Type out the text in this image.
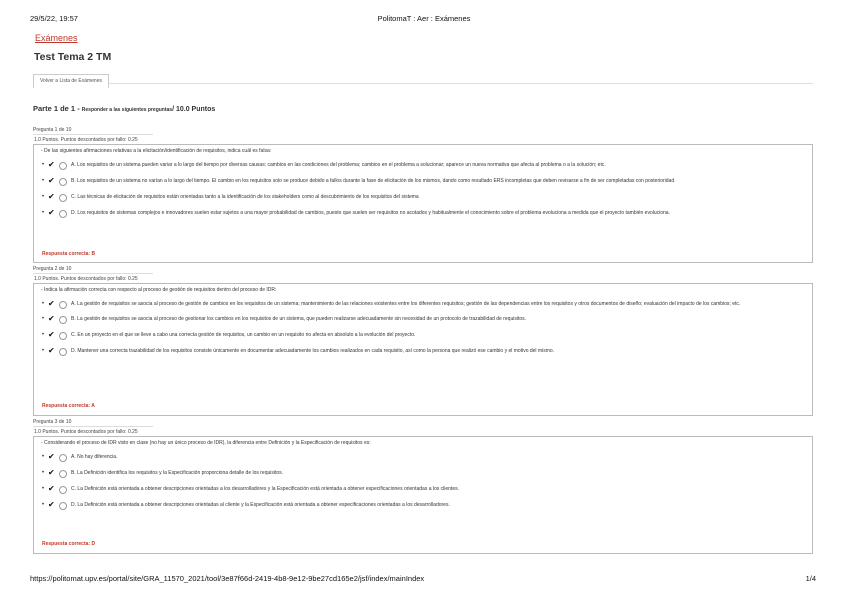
29/5/22, 19:57	PolitomaT : Aer : Exámenes
Exámenes
Test Tema 2 TM
Volver a Lista de Exámenes
Parte 1 de 1 - Responder a las siguientes preguntas/ 10.0 Puntos
Pregunta 1 de 10
1.0 Puntos. Puntos descontados por fallo: 0.25
- De las siguientes afirmaciones relativas a la elicitación/identificación de requisitos, indica cuál es falsa:
• ✔	A. Los requisitos de un sistema pueden variar a lo largo del tiempo por diversas causas: cambios en las condiciones del problema; cambios en el problema a solucionar; aparece un nueva normativa que afecta al problema o a la solución; etc.
• ✔	B. Los requisitos de un sistema no varían a lo largo del tiempo. El cambio en los requisitos solo se produce debido a fallos durante la fase de elicitación de los mismos, dando como resultado ERS incompletas que deben revisarse a fin de ser completadas con posterioridad.
• ✔	C. Las técnicas de elicitación de requisitos están orientadas tanto a la identificación de los stakeholders como al descubrimiento de los requisitos del sistema
• ✔	D. Los requisitos de sistemas complejos e innovadores suelen estar sujetos a una mayor probabilidad de cambios, puesto que suelen ser requisitos no acotados y habitualmente el conocimiento sobre el problema evoluciona a medida que el proyecto también evoluciona.
Respuesta correcta: B
Pregunta 2 de 10
1.0 Puntos. Puntos descontados por fallo: 0.25
- Indica la afirmación correcta con respecto al proceso de gestión de requisitos dentro del proceso de IDR:
• ✔	A. La gestión de requisitos se asocia al proceso de gestión de cambios en los requisitos de un sistema; mantenimiento de las relaciones existentes entre los diferentes requisitos; gestión de las dependencias entre los requisitos y otros documentos de diseño; evaluación del impacto de los cambios; etc.
• ✔	B. La gestión de requisitos se asocia al proceso de gestionar los cambios en los requisitos de un sistema, que pueden realizarse adecuadamente sin necesidad de un protocolo de trazabilidad de requisitos.
• ✔	C. En un proyecto en el que se lleve a cabo una correcta gestión de requisitos, un cambio en un requisito no afecta en absoluto a la evolución del proyecto.
• ✔	D. Mantener una correcta trazabilidad de los requisitos consiste únicamente en documentar adecuadamente los cambios realizados en cada requisito, así como la persona que realizó ese cambio y el motivo del mismo.
Respuesta correcta: A
Pregunta 3 de 10
1.0 Puntos. Puntos descontados por fallo: 0.25
- Considerando el proceso de IDR visto en clase (no hay un único proceso de IDR), la diferencia entre Definición y la Especificación de requisitos es:
• ✔	A. No hay diferencia.
• ✔	B. La Definición identifica los requisitos y la Especificación proporciona detalle de los requisitos.
• ✔	C. La Definición está orientada a obtener descripciones orientadas a los desarrolladores y la Especificación está orientada a obtener especificaciones orientadas a los clientes.
• ✔	D. La Definición está orientada a obtener descripciones orientadas al cliente y la Especificación está orientada a obtener especificaciones orientadas a los desarrolladores.
Respuesta correcta: D
https://politomat.upv.es/portal/site/GRA_11570_2021/tool/3e87f66d-2419-4b8-9e12-9be27cd165e2/jsf/index/mainIndex	1/4
